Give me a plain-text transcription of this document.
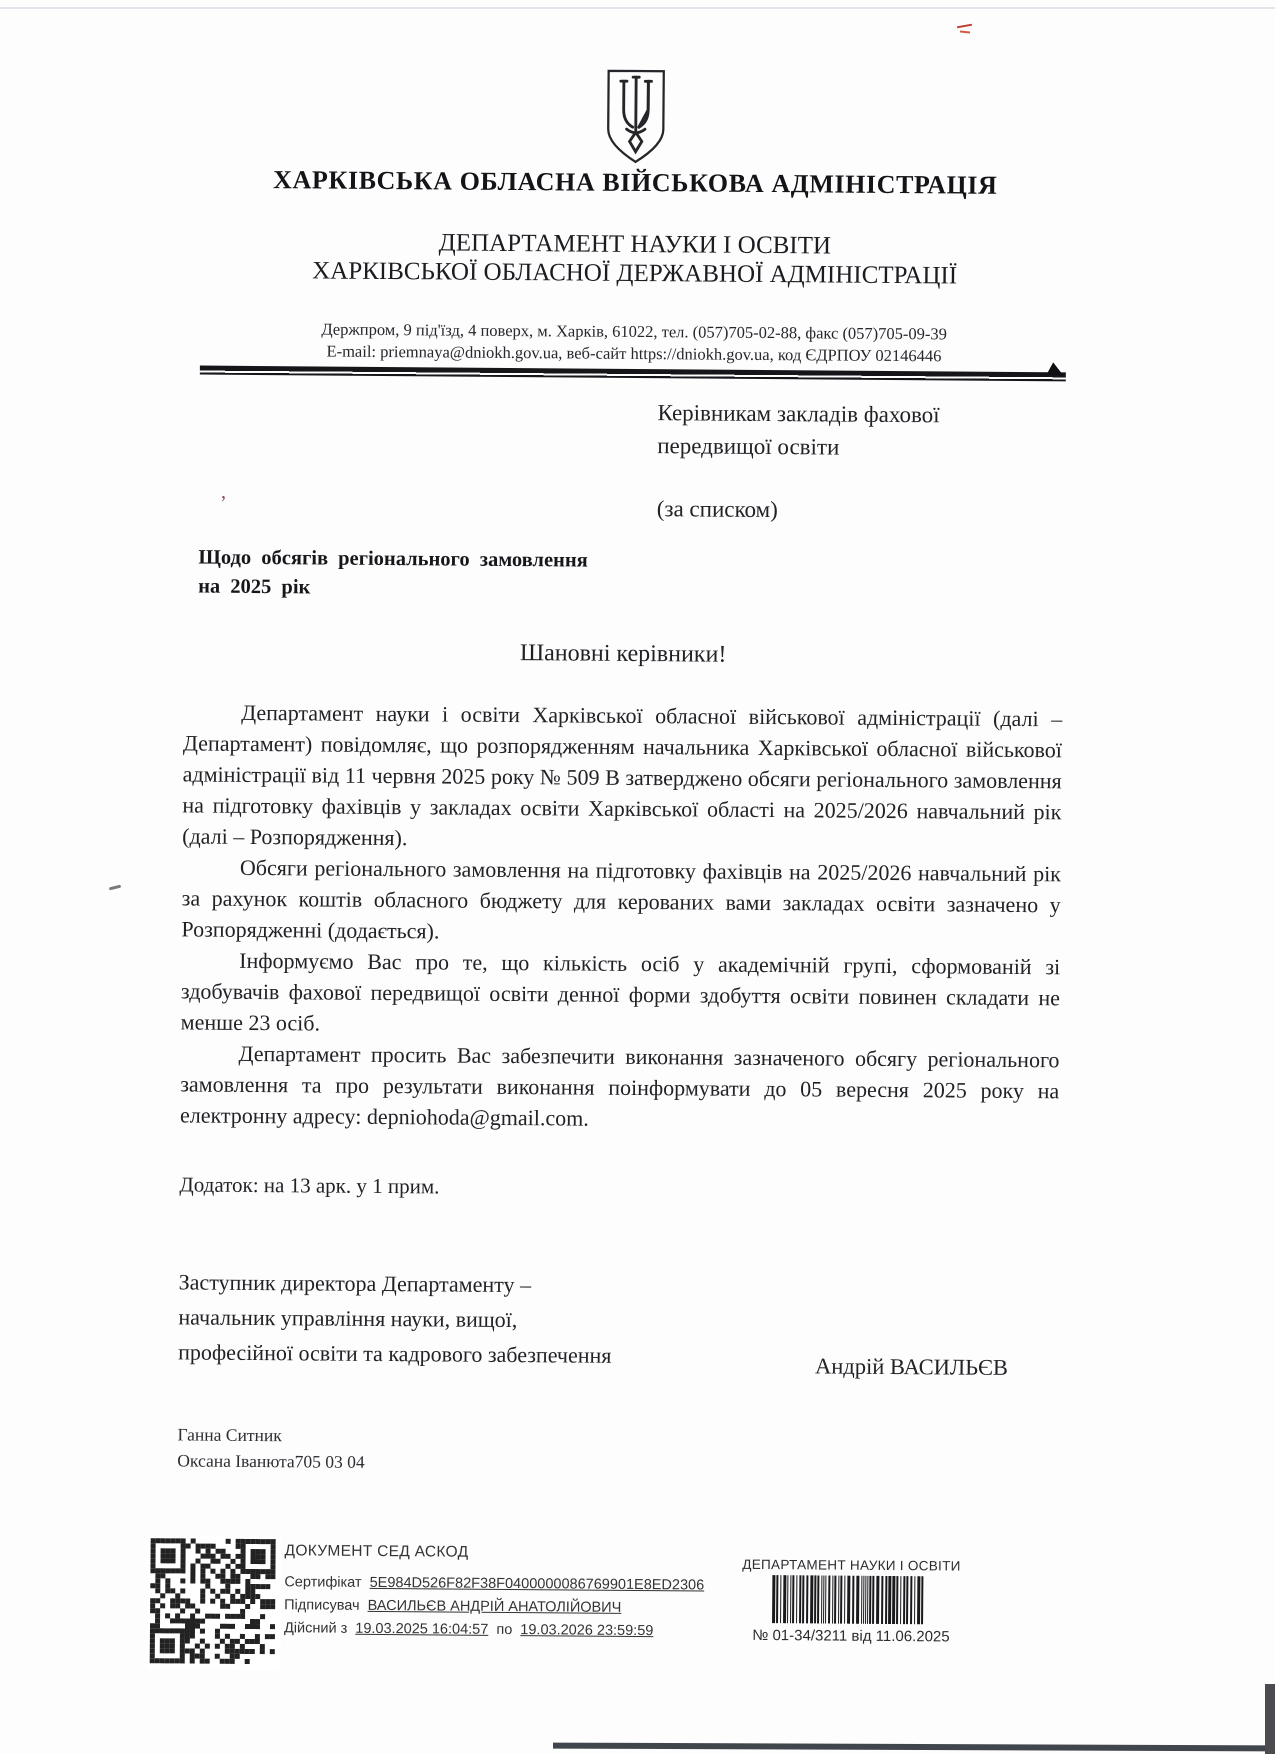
ХАРКІВСЬКА ОБЛАСНА ВІЙСЬКОВА АДМІНІСТРАЦІЯ
ДЕПАРТАМЕНТ НАУКИ І ОСВІТИ
ХАРКІВСЬКОЇ ОБЛАСНОЇ ДЕРЖАВНОЇ АДМІНІСТРАЦІЇ
Держпром, 9 під'їзд, 4 поверх, м. Харків, 61022, тел. (057)705-02-88, факс (057)705-09-39
E-mail: priemnaya@dniokh.gov.ua, веб-сайт https://dniokh.gov.ua, код ЄДРПОУ 02146446
Керівникам закладів фахової
передвищої освіти
(за списком)
Щодо обсягів регіонального замовлення
на 2025 рік
Шановні керівники!

Департамент науки і освіти Харківської обласної військової адміністрації (далі – Департамент) повідомляє, що розпорядженням начальника Харківської обласної військової адміністрації від 11 червня 2025 року № 509 В затверджено обсяги регіонального замовлення на підготовку фахівців у закладах освіти Харківської області на 2025/2026 навчальний рік (далі – Розпорядження).

Обсяги регіонального замовлення на підготовку фахівців на 2025/2026 навчальний рік за рахунок коштів обласного бюджету для керованих вами закладах освіти зазначено у Розпорядженні (додається).

Інформуємо Вас про те, що кількість осіб у академічній групі, сформованій зі здобувачів фахової передвищої освіти денної форми здобуття освіти повинен складати не менше 23 осіб.

Департамент просить Вас забезпечити виконання зазначеного обсягу регіонального замовлення та про результати виконання поінформувати до 05 вересня 2025 року на електронну адресу: depniohoda@gmail.com.

Додаток: на 13 арк. у 1 прим.
Заступник директора Департаменту –
начальник управління науки, вищої,
професійної освіти та кадрового забезпечення	Андрій ВАСИЛЬЄВ
Ганна Ситник
Оксана Іванюта705 03 04
ДОКУМЕНТ СЕД АСКОД
Сертифікат 5E984D526F82F38F0400000086769901E8ED2306
Підписувач ВАСИЛЬЄВ АНДРІЙ АНАТОЛІЙОВИЧ
Дійсний з 19.03.2025 16:04:57 по 19.03.2026 23:59:59
ДЕПАРТАМЕНТ НАУКИ І ОСВІТИ
№ 01-34/3211 від 11.06.2025
,
